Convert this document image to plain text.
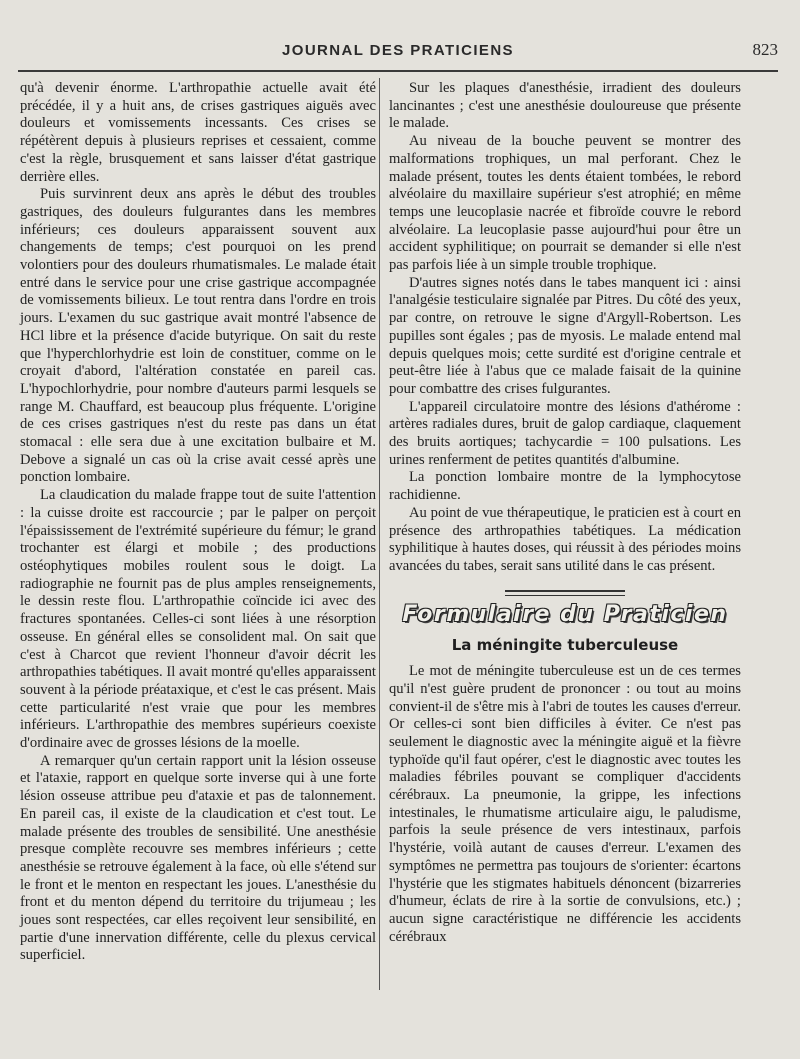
JOURNAL DES PRATICIENS	823

qu'à devenir énorme. L'arthropathie actuelle avait été précédée, il y a huit ans, de crises gastriques aiguës avec douleurs et vomissements incessants. Ces crises se répétèrent depuis à plusieurs reprises et cessaient, comme c'est la règle, brusquement et sans laisser d'état gastrique derrière elles.

Puis survinrent deux ans après le début des troubles gastriques, des douleurs fulgurantes dans les membres inférieurs; ces douleurs apparaissent souvent aux changements de temps; c'est pourquoi on les prend volontiers pour des douleurs rhumatismales. Le malade était entré dans le service pour une crise gastrique accompagnée de vomissements bilieux. Le tout rentra dans l'ordre en trois jours. L'examen du suc gastrique avait montré l'absence de HCl libre et la présence d'acide butyrique. On sait du reste que l'hyperchlorhydrie est loin de constituer, comme on le croyait d'abord, l'altération constatée en pareil cas. L'hypochlorhydrie, pour nombre d'auteurs parmi lesquels se range M. Chauffard, est beaucoup plus fréquente. L'origine de ces crises gastriques n'est du reste pas dans un état stomacal : elle sera due à une excitation bulbaire et M. Debove a signalé un cas où la crise avait cessé après une ponction lombaire.

La claudication du malade frappe tout de suite l'attention : la cuisse droite est raccourcie ; par le palper on perçoit l'épaississement de l'extrémité supérieure du fémur; le grand trochanter est élargi et mobile ; des productions ostéophytiques mobiles roulent sous le doigt. La radiographie ne fournit pas de plus amples renseignements, le dessin reste flou. L'arthropathie coïncide ici avec des fractures spontanées. Celles-ci sont liées à une résorption osseuse. En général elles se consolident mal. On sait que c'est à Charcot que revient l'honneur d'avoir décrit les arthropathies tabétiques. Il avait montré qu'elles apparaissent souvent à la période préataxique, et c'est le cas présent. Mais cette particularité n'est vraie que pour les membres inférieurs. L'arthropathie des membres supérieurs coexiste d'ordinaire avec de grosses lésions de la moelle.

A remarquer qu'un certain rapport unit la lésion osseuse et l'ataxie, rapport en quelque sorte inverse qui à une forte lésion osseuse attribue peu d'ataxie et pas de talonnement. En pareil cas, il existe de la claudication et c'est tout. Le malade présente des troubles de sensibilité. Une anesthésie presque complète recouvre ses membres inférieurs ; cette anesthésie se retrouve également à la face, où elle s'étend sur le front et le menton en respectant les joues. L'anesthésie du front et du menton dépend du territoire du trijumeau ; les joues sont respectées, car elles reçoivent leur sensibilité, en partie d'une innervation différente, celle du plexus cervical superficiel.

Sur les plaques d'anesthésie, irradient des douleurs lancinantes ; c'est une anesthésie douloureuse que présente le malade.

Au niveau de la bouche peuvent se montrer des malformations trophiques, un mal perforant. Chez le malade présent, toutes les dents étaient tombées, le rebord alvéolaire du maxillaire supérieur s'est atrophié; en même temps une leucoplasie nacrée et fibroïde couvre le rebord alvéolaire. La leucoplasie passe aujourd'hui pour être un accident syphilitique; on pourrait se demander si elle n'est pas parfois liée à un simple trouble trophique.

D'autres signes notés dans le tabes manquent ici : ainsi l'analgésie testiculaire signalée par Pitres. Du côté des yeux, par contre, on retrouve le signe d'Argyll-Robertson. Les pupilles sont égales ; pas de myosis. Le malade entend mal depuis quelques mois; cette surdité est d'origine centrale et peut-être liée à l'abus que ce malade faisait de la quinine pour combattre des crises fulgurantes.

L'appareil circulatoire montre des lésions d'athérome : artères radiales dures, bruit de galop cardiaque, claquement des bruits aortiques; tachycardie = 100 pulsations. Les urines renferment de petites quantités d'albumine.

La ponction lombaire montre de la lymphocytose rachidienne.

Au point de vue thérapeutique, le praticien est à court en présence des arthropathies tabétiques. La médication syphilitique à hautes doses, qui réussit à des périodes moins avancées du tabes, serait sans utilité dans le cas présent.

Formulaire du Praticien
La méningite tuberculeuse

Le mot de méningite tuberculeuse est un de ces termes qu'il n'est guère prudent de prononcer : ou tout au moins convient-il de s'être mis à l'abri de toutes les causes d'erreur. Or celles-ci sont bien difficiles à éviter. Ce n'est pas seulement le diagnostic avec la méningite aiguë et la fièvre typhoïde qu'il faut opérer, c'est le diagnostic avec toutes les maladies fébriles pouvant se compliquer d'accidents cérébraux. La pneumonie, la grippe, les infections intestinales, le rhumatisme articulaire aigu, le paludisme, parfois la seule présence de vers intestinaux, parfois l'hystérie, voilà autant de causes d'erreur. L'examen des symptômes ne permettra pas toujours de s'orienter: écartons l'hystérie que les stigmates habituels dénoncent (bizarreries d'humeur, éclats de rire à la sortie de convulsions, etc.) ; aucun signe caractéristique ne différencie les accidents cérébraux
